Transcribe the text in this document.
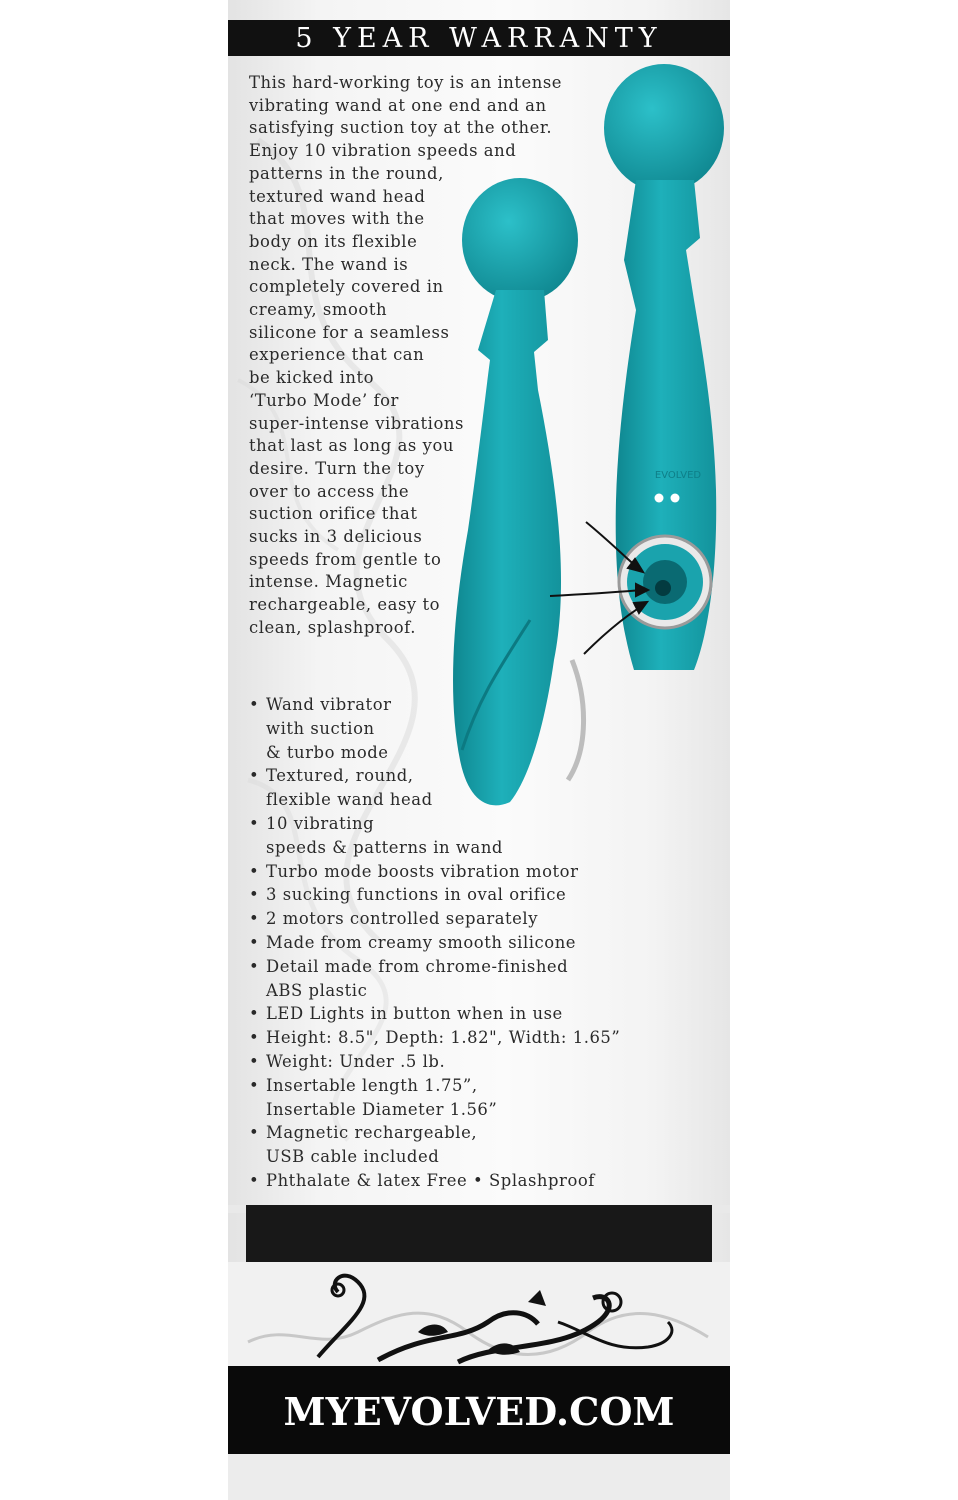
5 YEAR WARRANTY

This hard-working toy is an intense
vibrating wand at one end and an
satisfying suction toy at the other.
Enjoy 10 vibration speeds and
patterns in the round,
textured wand head
that moves with the
body on its flexible
neck. The wand is
completely covered in
creamy, smooth
silicone for a seamless
experience that can
be kicked into
‘Turbo Mode’ for
super-intense vibrations
that last as long as you
desire. Turn the toy
over to access the
suction orifice that
sucks in 3 delicious
speeds from gentle to
intense. Magnetic
rechargeable, easy to
clean, splashproof.

EVOLVED
• Wand vibrator
with suction
& turbo mode
• Textured, round,
flexible wand head
• 10 vibrating
speeds & patterns in wand
• Turbo mode boosts vibration motor
• 3 sucking functions in oval orifice
• 2 motors controlled separately
• Made from creamy smooth silicone
• Detail made from chrome-finished
ABS plastic
• LED Lights in button when in use
• Height: 8.5", Depth: 1.82", Width: 1.65”
• Weight: Under .5 lb.
• Insertable length 1.75”,
Insertable Diameter 1.56”
• Magnetic rechargeable,
USB cable included
• Phthalate & latex Free • Splashproof
MYEVOLVED.COM
